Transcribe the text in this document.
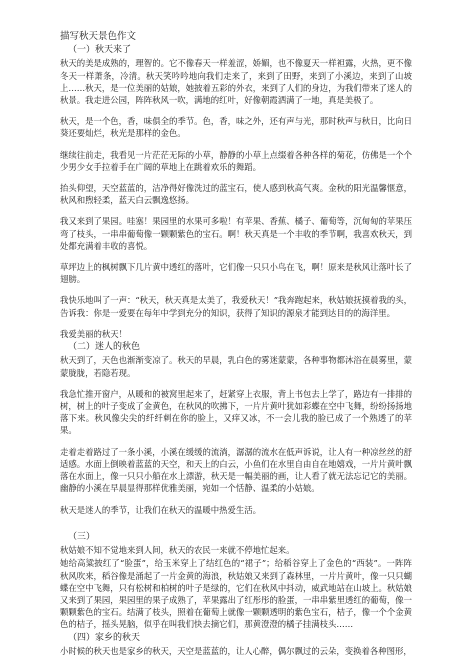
描写秋天景色作文
（一）秋天来了

秋天的美是成熟的，理智的。它不像春天一样羞涩，娇媚，也不像夏天一样袒露，火热，更不像冬天一样萧条，冷清。秋天笑吟吟地向我们走来了，来到了田野，来到了小溪边，来到了山坡上……秋天，是一位美丽的姑娘，她披着五彩的外衣，来到了人们的身边，为我们带来了迷人的秋景。我走进公园，阵阵秋风一吹，满地的红叶，好像朝霞洒满了一地，真是美极了。

秋天，是一个色，香，味俱全的季节。色，香，味之外，还有声与光，那时秋声与秋日，比向日葵还要灿烂，秋光是那样的金色。

继续往前走，我看见一片茫茫无际的小草，静静的小草上点缀着各种各样的菊花，仿佛是一个个少男少女手拉着手在广阔的草地上在跳着欢乐的舞蹈。

抬头仰望，天空蓝蓝的，洁净得好像洗过的蓝宝石，使人感到秋高气爽。金秋的阳光温馨惬意，秋风和煦轻柔，蓝天白云飘逸悠扬。

我又来到了果园。哇塞！果园里的水果可多啦！有苹果、香蕉、橘子、葡萄等，沉甸甸的苹果压弯了枝头，一串串葡萄像一颗颗紫色的宝石。啊！秋天真是一个丰收的季节啊，我喜欢秋天，到处都充满着丰收的喜悦。

草坪边上的枫树飘下几片黄中透红的落叶，它们像一只只小鸟在飞，啊！原来是秋风让落叶长了翅膀。

我快乐地叫了一声：“秋天，秋天真是太美了，我爱秋天！”我奔跑起来，秋姑娘抚摸着我的头，告诉我：你是一爱要在每年中学到充分的知识，获得了知识的源泉才能到达目的的海洋里。

我爱美丽的秋天！

（二）迷人的秋色

秋天到了，天色也渐渐变凉了。秋天的早晨，乳白色的雾迷蒙蒙，各种事物都沐浴在晨雾里，蒙蒙胧胧，若隐若现。

我急忙推开窗户，从暖和的被窝里起来了，赶紧穿上衣服，背上书包去上学了，路边有一排排的树，树上的叶子变成了金黄色，在秋风的吹拂下，一片片黄叶犹如彩蝶在空中飞舞，纷纷扬扬地落下来。秋风像尖尖的纤纤刺在你的脸上，又痒又冰，不一会儿我的脸已成了一个熟透了的苹果。

走着走着路过了一条小溪，小溪在缓缓的流淌，潺潺的流水在低声诉说，让人有一种凉丝丝的舒适感。水面上倒映着蓝蓝的天空，和天上的白云，小鱼们在水里自由自在地嬉戏，一片片黄叶飘落在水面上，像一只只小船在水上漂游，秋天是一幅美丽的画，让人看了就无法忘记它的美丽。幽静的小溪在早晨显得那样优雅美丽，宛如一个恬静、温柔的小姑娘。

秋天是迷人的季节，让我们在秋天的温暖中热爱生活。

（三）

秋姑娘不知不觉地来到人间，秋天的农民一来就不停地忙起来。

她给高粱披红了“脸蛋”，给玉米穿上了结红色的“裙子”；给稻谷穿上了金色的“西装”。一阵阵秋风吹来，稻谷像是涌起了一片金黄的海浪，秋姑娘又来到了森林里，一片片黄叶，像一只只蝴蝶在空中飞舞，只有松树和柏树的叶子是绿的，它们在秋风中抖动，威武地站在山坡上。秋姑娘又来到了果园，果园里的果子成熟了，苹果露出了红彤彤的脸蛋，一串串紫里透红的葡萄，像一颗颗紫色的宝石。结满了枝头，照着在葡萄上就像一颗颗透明的紫色宝石，桔子，像一个个金黄色的桔子，摇头晃脑，似乎在叫我们快去摘它们，那黄澄澄的橘子挂满枝头……

（四）家乡的秋天

小时候的秋天也是家乡的秋天，天空是蓝蓝的，让人心醉，偶尔飘过的云朵，变换着各种图形，
